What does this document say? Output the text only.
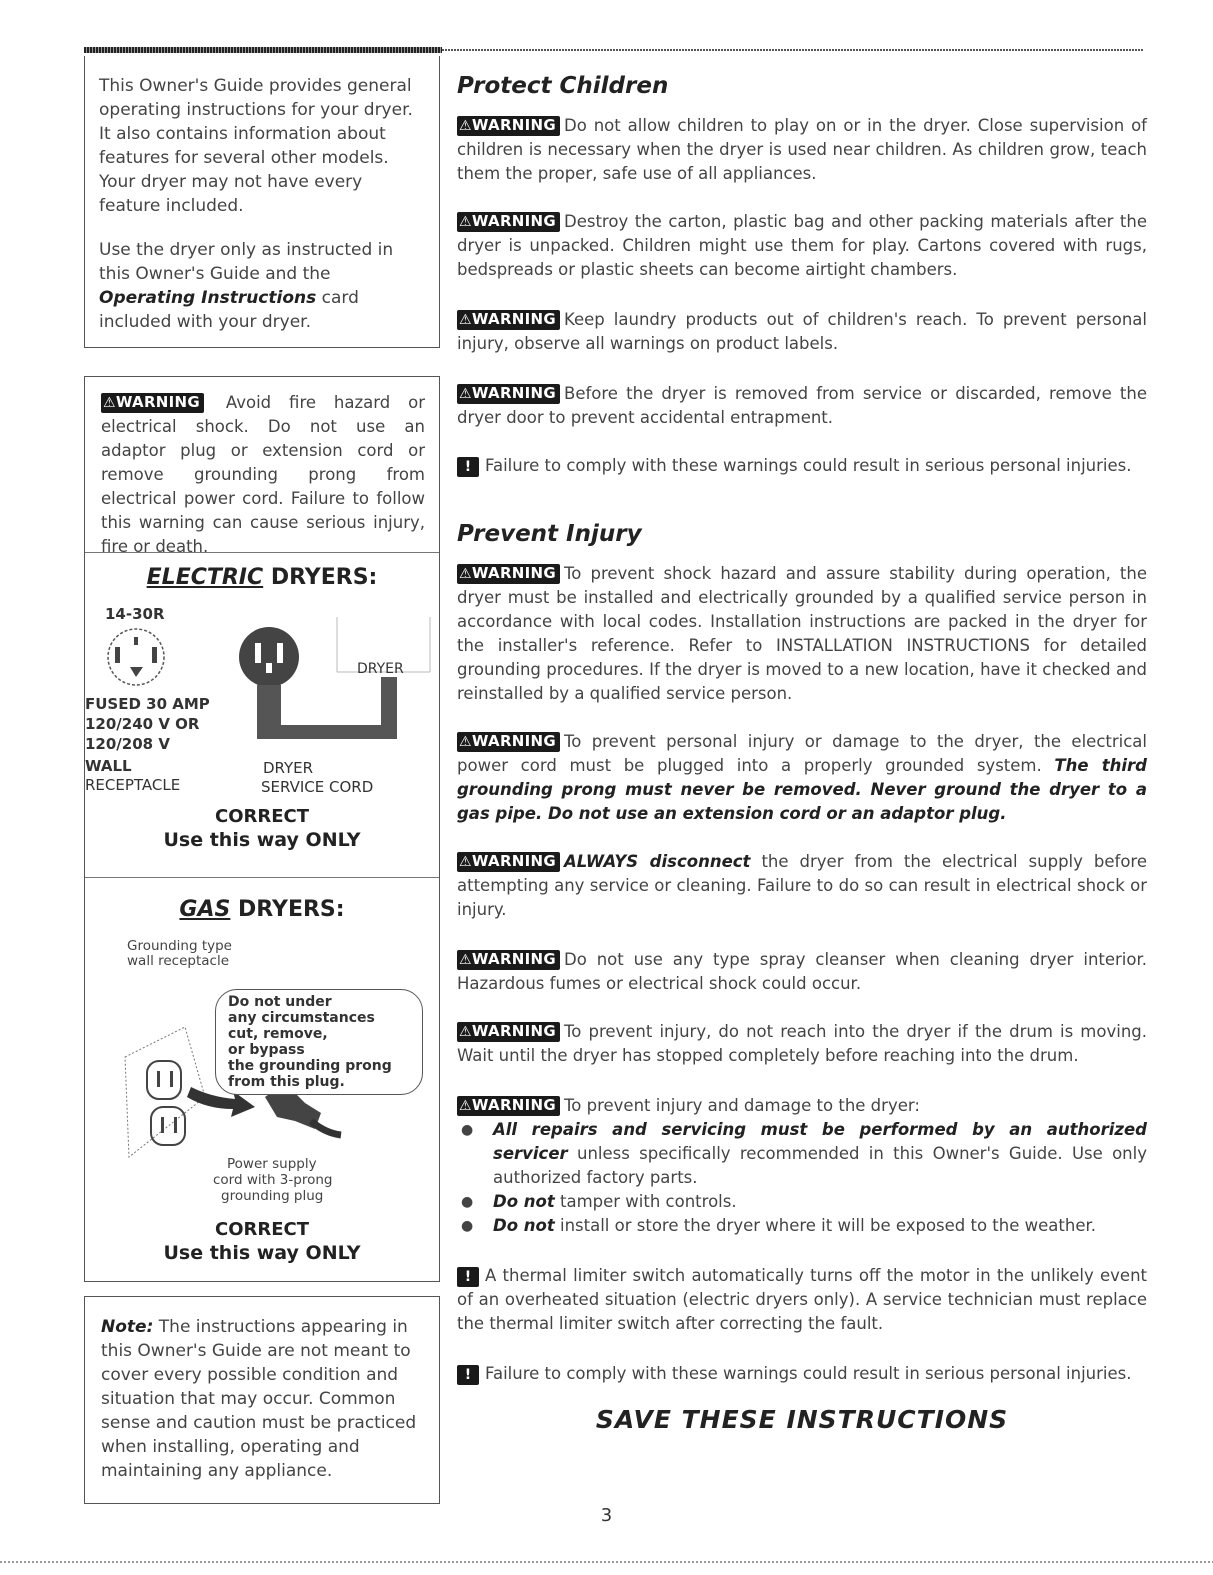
This Owner's Guide provides general operating instructions for your dryer. It also contains information about features for several other models. Your dryer may not have every feature included.

Use the dryer only as instructed in this Owner's Guide and the Operating Instructions card included with your dryer.

⚠WARNING Avoid fire hazard or electrical shock. Do not use an adaptor plug or extension cord or remove grounding prong from electrical power cord. Failure to follow this warning can cause serious injury, fire or death.
ELECTRIC DRYERS:
14-30R
DRYER
FUSED 30 AMP
120/240 V OR
120/208 V
WALL
RECEPTACLE
DRYER
SERVICE CORD
CORRECT
Use this way ONLY
GAS DRYERS:
Grounding type
wall receptacle
Do not under
any circumstances
cut, remove,
or bypass
the grounding prong
from this plug.
Power supply
cord with 3-prong
grounding plug
CORRECT
Use this way ONLY
Note: The instructions appearing in this Owner's Guide are not meant to cover every possible condition and situation that may occur. Common sense and caution must be practiced when installing, operating and maintaining any appliance.
Protect Children

⚠WARNING Do not allow children to play on or in the dryer. Close supervision of children is necessary when the dryer is used near children. As children grow, teach them the proper, safe use of all appliances.

⚠WARNING Destroy the carton, plastic bag and other packing materials after the dryer is unpacked. Children might use them for play. Cartons covered with rugs, bedspreads or plastic sheets can become airtight chambers.

⚠WARNING Keep laundry products out of children's reach. To prevent personal injury, observe all warnings on product labels.

⚠WARNING Before the dryer is removed from service or discarded, remove the dryer door to prevent accidental entrapment.

! Failure to comply with these warnings could result in serious personal injuries.

Prevent Injury

⚠WARNING To prevent shock hazard and assure stability during operation, the dryer must be installed and electrically grounded by a qualified service person in accordance with local codes. Installation instructions are packed in the dryer for the installer's reference. Refer to INSTALLATION INSTRUCTIONS for detailed grounding procedures. If the dryer is moved to a new location, have it checked and reinstalled by a qualified service person.

⚠WARNING To prevent personal injury or damage to the dryer, the electrical power cord must be plugged into a properly grounded system. The third grounding prong must never be removed. Never ground the dryer to a gas pipe. Do not use an extension cord or an adaptor plug.

⚠WARNING ALWAYS disconnect the dryer from the electrical supply before attempting any service or cleaning. Failure to do so can result in electrical shock or injury.

⚠WARNING Do not use any type spray cleanser when cleaning dryer interior. Hazardous fumes or electrical shock could occur.

⚠WARNING To prevent injury, do not reach into the dryer if the drum is moving. Wait until the dryer has stopped completely before reaching into the drum.

⚠WARNING To prevent injury and damage to the dryer:

● All repairs and servicing must be performed by an authorized servicer unless specifically recommended in this Owner's Guide. Use only authorized factory parts.
● Do not tamper with controls.
● Do not install or store the dryer where it will be exposed to the weather.

! A thermal limiter switch automatically turns off the motor in the unlikely event of an overheated situation (electric dryers only). A service technician must replace the thermal limiter switch after correcting the fault.

! Failure to comply with these warnings could result in serious personal injuries.

SAVE THESE INSTRUCTIONS
3
